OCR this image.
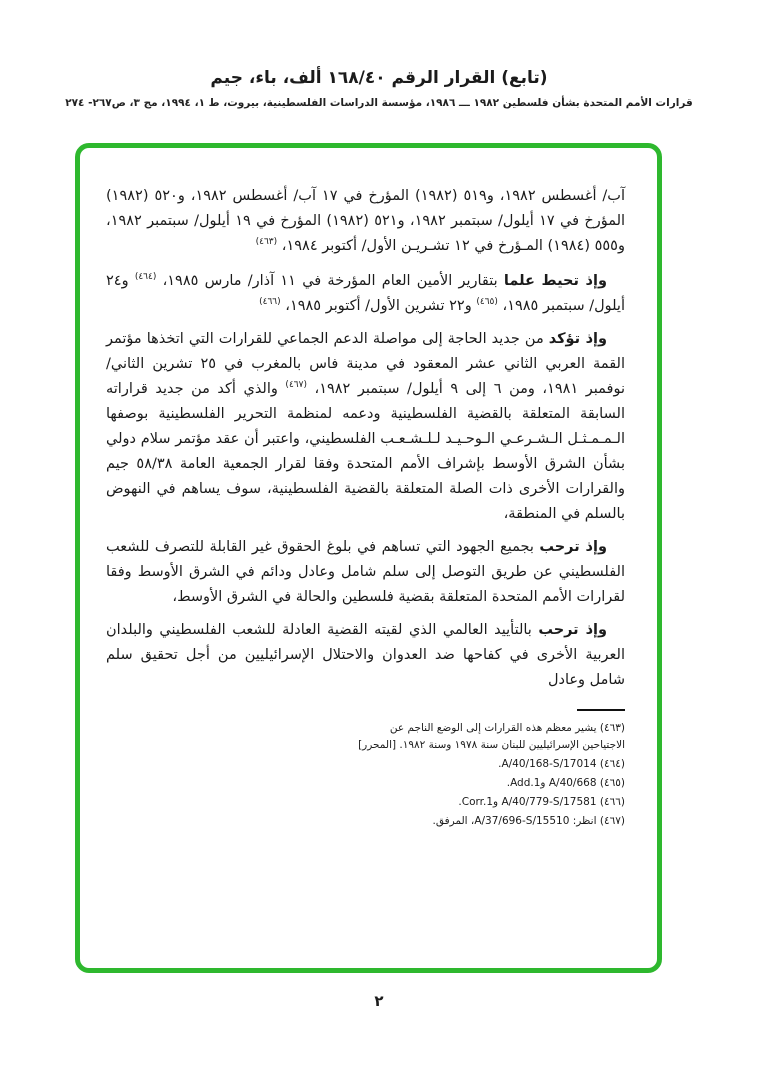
(تابع) القرار الرقم ١٦٨/٤٠ ألف، باء، جيم
قرارات الأمم المتحدة بشأن فلسطين ١٩٨٢ ـــ ١٩٨٦، مؤسسة الدراسات الفلسطينية، بيروت، ط ١، ١٩٩٤، مج ٣، ص٢٦٧- ٢٧٤

آب/ أغسطس ١٩٨٢، و٥١٩ (١٩٨٢) المؤرخ في ١٧ آب/ أغسطس ١٩٨٢، و٥٢٠ (١٩٨٢) المؤرخ في ١٧ أيلول/ سبتمبر ١٩٨٢، و٥٢١ (١٩٨٢) المؤرخ في ١٩ أيلول/ سبتمبر ١٩٨٢، و٥٥٥ (١٩٨٤) المـؤرخ في ١٢ تشـريـن الأول/ أكتوبر ١٩٨٤، $^{(٤٦٣)}$

وإذ تحيط علما بتقارير الأمين العام المؤرخة في ١١ آذار/ مارس ١٩٨٥، $^{(٤٦٤)}$ و٢٤ أيلول/ سبتمبر ١٩٨٥، $^{(٤٦٥)}$ و٢٢ تشرين الأول/ أكتوبر ١٩٨٥، $^{(٤٦٦)}$

وإذ تؤكد من جديد الحاجة إلى مواصلة الدعم الجماعي للقرارات التي اتخذها مؤتمر القمة العربي الثاني عشر المعقود في مدينة فاس بالمغرب في ٢٥ تشرين الثاني/ نوفمبر ١٩٨١، ومن ٦ إلى ٩ أيلول/ سبتمبر ١٩٨٢، $^{(٤٦٧)}$ والذي أكد من جديد قراراته السابقة المتعلقة بالقضية الفلسطينية ودعمه لمنظمة التحرير الفلسطينية بوصفها الـمـمـثـل الـشـرعـي الـوحـيـد لـلـشـعـب الفلسطيني، واعتبر أن عقد مؤتمر سلام دولي بشأن الشرق الأوسط بإشراف الأمم المتحدة وفقا لقرار الجمعية العامة ٥٨/٣٨ جيم والقرارات الأخرى ذات الصلة المتعلقة بالقضية الفلسطينية، سوف يساهم في النهوض بالسلم في المنطقة،

وإذ ترحب بجميع الجهود التي تساهم في بلوغ الحقوق غير القابلة للتصرف للشعب الفلسطيني عن طريق التوصل إلى سلم شامل وعادل ودائم في الشرق الأوسط وفقا لقرارات الأمم المتحدة المتعلقة بقضية فلسطين والحالة في الشرق الأوسط،

وإذ ترحب بالتأييد العالمي الذي لقيته القضية العادلة للشعب الفلسطيني والبلدان العربية الأخرى في كفاحها ضد العدوان والاحتلال الإسرائيليين من أجل تحقيق سلم شامل وعادل

(٤٦٣) يشير معظم هذه القرارات إلى الوضع الناجم عن الاجتياحين الإسرائيليين للبنان سنة ١٩٧٨ وسنة ١٩٨٢. [المحرر]

(٤٦٤) A/40/168-S/17014.

(٤٦٥) A/40/668 وAdd.1.

(٤٦٦) A/40/779-S/17581 وCorr.1.

(٤٦٧) انظر: A/37/696-S/15510، المرفق.

٢
